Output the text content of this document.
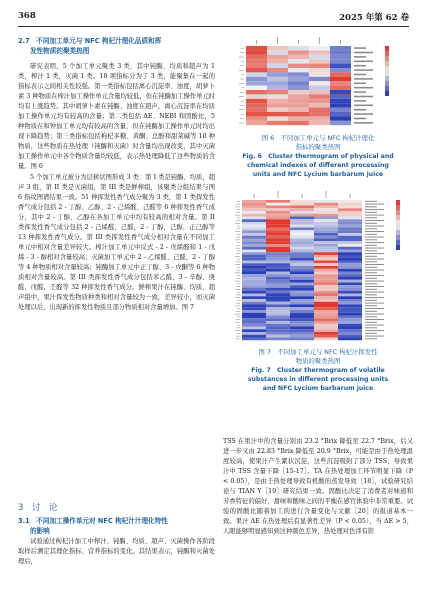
368	2025 年第 62 卷
2.7　不同加工单元与 NFC 枸杞汁理化品质和挥
发性物质的聚类热图

研究表明，5 个加工单元聚类 3 类，其中钝酶、均质和超声为 1 类，榨汁 1 类，灭菌 1 类。18 项指标分为了 3 类，能聚集在一起的指标表示之间相关性较强。第一类指标包括离心沉淀率、浊度，胡萝卜素 3 种物质在榨汁加工操作单元含量均较低，但在钝酶加工操作单元时均有上涨趋势。其中胡萝卜素在钝酶、浊度在超声，离心沉淀率在均质加工操作单元均有较高的含量；第二类包括 ΔE、NEBI 和固酚比，5 种物质在和钟加工单元均有较高的含量，但在钝酶加工操作单元时均出现下降趋势；第三类指标包括枸杞多糖、黄酮、总酚和甜菜碱等 10 种物质，这些物质在热处理（钝酶和灭菌）时含量均出现改变，其中灭菌加工操作单元中各个物质含量均较低，表示热处理降低了这些物质的含量。图 6

5 个加工单元被分为层树状图形成 3 类：第 I 类是钝酶、均质，超声 3 组，第 II 类是灭菌组，第 III 类是鲜榨组，该聚类分组结果与图 6 指纹图谱结果一致。51 种挥发性香气成分聚为 3 类，第 1 类挥发性香气成分包括 2 - 丁醇、乙醇、2 - 己烯醛、己醛等 6 种挥发性香气成分，其中 2 - 丁醇，乙醇在各加工单元中均有较高的相对含量。第 II 类挥发性香气成分包括 2 - 己烯醛，己醛，2 - 丁醇，己醇，正己醇等 13 种挥发性香气成分。第 III 类挥发性香气成分相对含量在不同加工单元中相对含量差异较大。榨汁加工单元中反式 - 2 - 戊烯醛和 1 - 戊烯 - 3 - 醇相对含量较高；灭菌加工单元中 2 - 乙烯醛、己醛，2 - 丁醇等 4 种物质相对含量较高；钝酶加工单元中正丁醇、3 - 戊酮等 6 种物质相对含量较高。第 III 类挥发性香气成分包括苯乙醛、3 - 辛醇、庚醛，戊醛，壬醛等 32 种挥发性香气成分。鲜榨果汁在钝酶、均质、超声组中，果汁挥发性物质种类和相对含量较为一致，差异较小，而灭菌处理以后，出现新的挥发性物质且部分物质相对含量增加。图 7

3　讨　论
3.1　不同加工操作单元对 NFC 枸杞汁汁理化特性
的影响

试验通过枸杞汁加工中榨汁、钝酶、均质、超声、灭菌操作各阶段取样后测定其理化指标、营养指标的变化。其结果表示，钝酶和灭菌处理后，

图 6　不同加工单元与 NFC 枸杞汁理化
指标的聚类热图
Fig. 6　Cluster thermogram of physical and
chemical indexes of different processing
units and NFC Lycium barbarum juice
图 7　不同加工单元与 NFC 枸杞汁挥发性
物质的聚类热图
Fig. 7　Cluster thermogram of volatile
substances in different processing units
and NFC Lycium barbarum juice

TSS 在果汁中的含量分别由 23.2 °Brix 降低至 22.7 °Brix，后又进一步又由 22.83 °Brix 降低至 20.9 °Brix，可能是由于热处理温度较高，使果汁产生絮状沉淀，这些沉淀吸附了部分 TSS，导致果汁中 TSS 含量下降［15-17］。TA 在热处理加工环节明显下降（P < 0.05），是由于热处理导致有机酸的蒸发导致［18］，试验研究结论与 TIAN Y［19］研究结果一致。固酸比决定了消费者对味道和芳香特征的偏好，甜味和酸味之间的平衡在感官体验中非常重要。试验的固酸比随着加工的进行含量变化与文献［20］的报道基本一致。果汁 ΔE 在热处理后有显著性差异（P < 0.05），当 ΔE > 5，人眼能够明显感知到这种颜色差异，热处理对色泽有影
